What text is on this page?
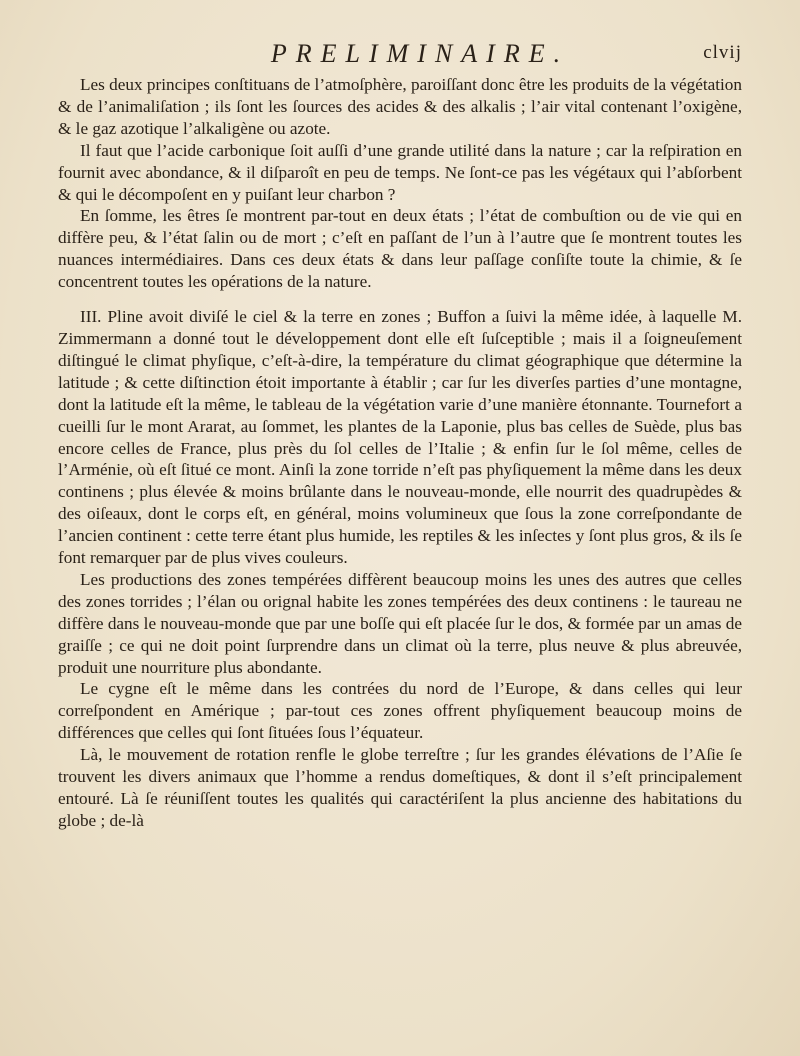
PRELIMINAIRE.	clvij

Les deux principes conſtituans de l’atmoſphère, paroiſſant donc être les produits de la végétation & de l’animaliſation ; ils ſont les ſources des acides & des alkalis ; l’air vital contenant l’oxigène, & le gaz azotique l’alkaligène ou azote.

Il faut que l’acide carbonique ſoit auſſi d’une grande utilité dans la nature ; car la reſpiration en fournit avec abondance, & il diſparoît en peu de temps. Ne ſont-ce pas les végétaux qui l’abſorbent & qui le décompoſent en y puiſant leur charbon ?

En ſomme, les êtres ſe montrent par-tout en deux états ; l’état de combuſtion ou de vie qui en diffère peu, & l’état ſalin ou de mort ; c’eſt en paſſant de l’un à l’autre que ſe montrent toutes les nuances intermédiaires. Dans ces deux états & dans leur paſſage conſiſte toute la chimie, & ſe concentrent toutes les opérations de la nature.

III. Pline avoit diviſé le ciel & la terre en zones ; Buffon a ſuivi la même idée, à laquelle M. Zimmermann a donné tout le développement dont elle eſt ſuſceptible ; mais il a ſoigneuſement diſtingué le climat phyſique, c’eſt-à-dire, la température du climat géographique que détermine la latitude ; & cette diſtinction étoit importante à établir ; car ſur les diverſes parties d’une montagne, dont la latitude eſt la même, le tableau de la végétation varie d’une manière étonnante. Tournefort a cueilli ſur le mont Ararat, au ſommet, les plantes de la Laponie, plus bas celles de Suède, plus bas encore celles de France, plus près du ſol celles de l’Italie ; & enfin ſur le ſol même, celles de l’Arménie, où eſt ſitué ce mont. Ainſi la zone torride n’eſt pas phyſiquement la même dans les deux continens ; plus élevée & moins brûlante dans le nouveau-monde, elle nourrit des quadrupèdes & des oiſeaux, dont le corps eſt, en général, moins volumineux que ſous la zone correſpondante de l’ancien continent : cette terre étant plus humide, les reptiles & les inſectes y ſont plus gros, & ils ſe font remarquer par de plus vives couleurs.

Les productions des zones tempérées diffèrent beaucoup moins les unes des autres que celles des zones torrides ; l’élan ou orignal habite les zones tempérées des deux continens : le taureau ne diffère dans le nouveau-monde que par une boſſe qui eſt placée ſur le dos, & formée par un amas de graiſſe ; ce qui ne doit point ſurprendre dans un climat où la terre, plus neuve & plus abreuvée, produit une nourriture plus abondante.

Le cygne eſt le même dans les contrées du nord de l’Europe, & dans celles qui leur correſpondent en Amérique ; par-tout ces zones offrent phyſiquement beaucoup moins de différences que celles qui ſont ſituées ſous l’équateur.

Là, le mouvement de rotation renfle le globe terreſtre ; ſur les grandes élévations de l’Aſie ſe trouvent les divers animaux que l’homme a rendus domeſtiques, & dont il s’eſt principalement entouré. Là ſe réuniſſent toutes les qualités qui caractériſent la plus ancienne des habitations du globe ; de-là
